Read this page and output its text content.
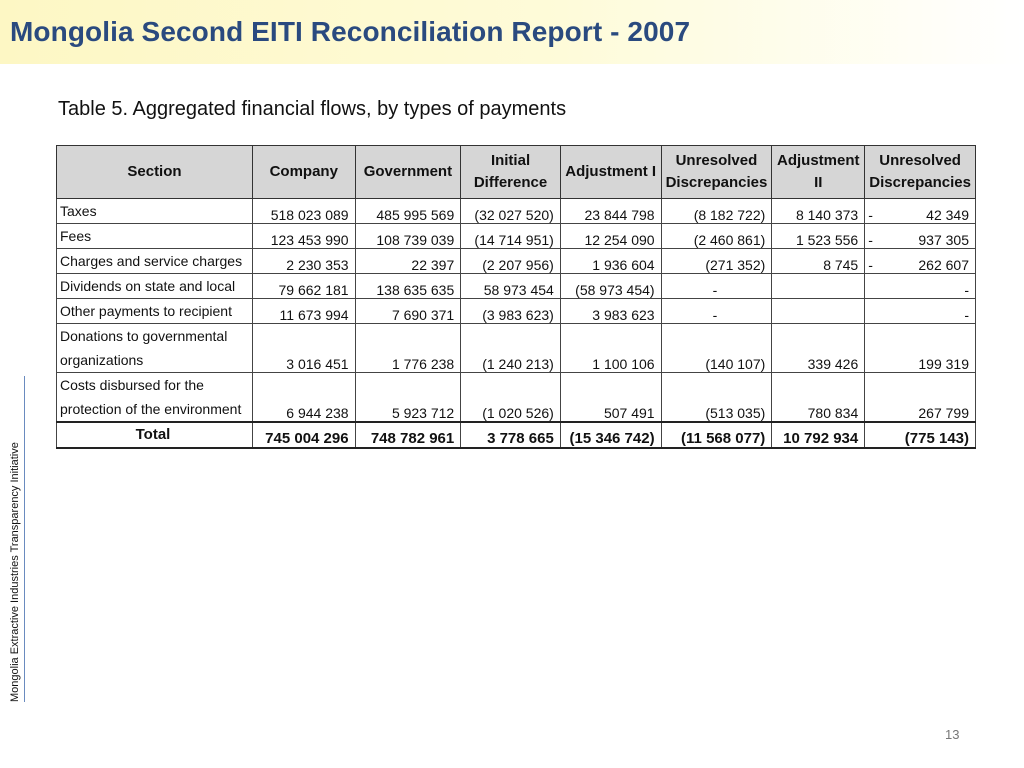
Mongolia Second EITI Reconciliation Report - 2007
Table 5. Aggregated financial flows, by types of payments
Section	Company	Government	Initial Difference	Adjustment I	Unresolved Discrepancies	Adjustment II	Unresolved Discrepancies
Taxes	518 023 089	485 995 569	(32 027 520)	23 844 798	(8 182 722)	8 140 373	- 42 349
Fees	123 453 990	108 739 039	(14 714 951)	12 254 090	(2 460 861)	1 523 556	- 937 305
Charges and service charges	2 230 353	22 397	(2 207 956)	1 936 604	(271 352)	8 745	- 262 607
Dividends on state and local	79 662 181	138 635 635	58 973 454	(58 973 454)	-		-
Other payments to recipient	11 673 994	7 690 371	(3 983 623)	3 983 623	-		-
Donations to governmental organizations	3 016 451	1 776 238	(1 240 213)	1 100 106	(140 107)	339 426	199 319
Costs disbursed for the protection of the environment	6 944 238	5 923 712	(1 020 526)	507 491	(513 035)	780 834	267 799
Total	745 004 296	748 782 961	3 778 665	(15 346 742)	(11 568 077)	10 792 934	(775 143)
Mongolia Extractive Industries Transparency Initiative
13
